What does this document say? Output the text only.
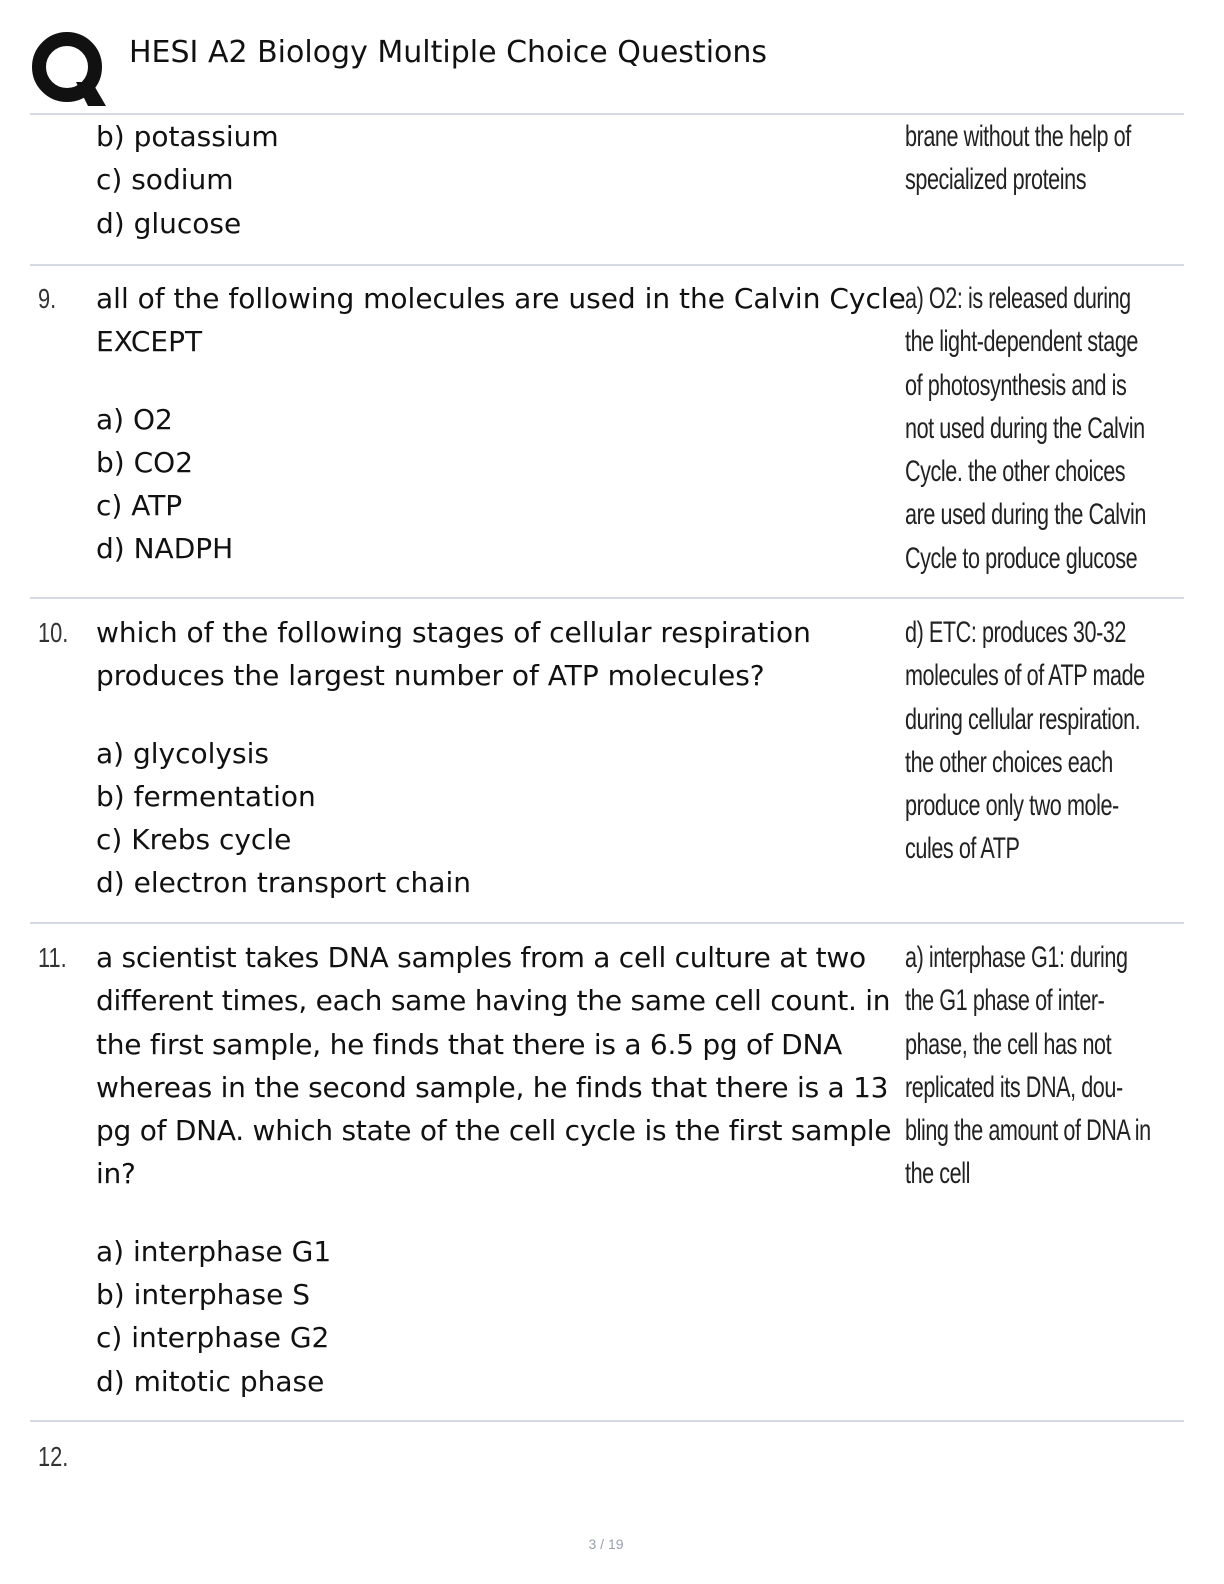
HESI A2 Biology Multiple Choice Questions
b) potassium
c) sodium
d) glucose
brane without the help of
specialized proteins
9. all of the following molecules are used in the Calvin Cycle EXCEPT
a) O2
b) CO2
c) ATP
d) NADPH
a) O2: is released during
the light-dependent stage
of photosynthesis and is
not used during the Calvin
Cycle. the other choices
are used during the Calvin
Cycle to produce glucose
10. which of the following stages of cellular respiration produces the largest number of ATP molecules?
a) glycolysis
b) fermentation
c) Krebs cycle
d) electron transport chain
d) ETC: produces 30-32
molecules of of ATP made
during cellular respiration.
the other choices each
produce only two mole-
cules of ATP
11. a scientist takes DNA samples from a cell culture at two different times, each same having the same cell count. in the first sample, he finds that there is a 6.5 pg of DNA whereas in the second sample, he finds that there is a 13 pg of DNA. which state of the cell cycle is the first sample in?
a) interphase G1
b) interphase S
c) interphase G2
d) mitotic phase
a) interphase G1: during
the G1 phase of inter-
phase, the cell has not
replicated its DNA, dou-
bling the amount of DNA in
the cell
12.
3 / 19
